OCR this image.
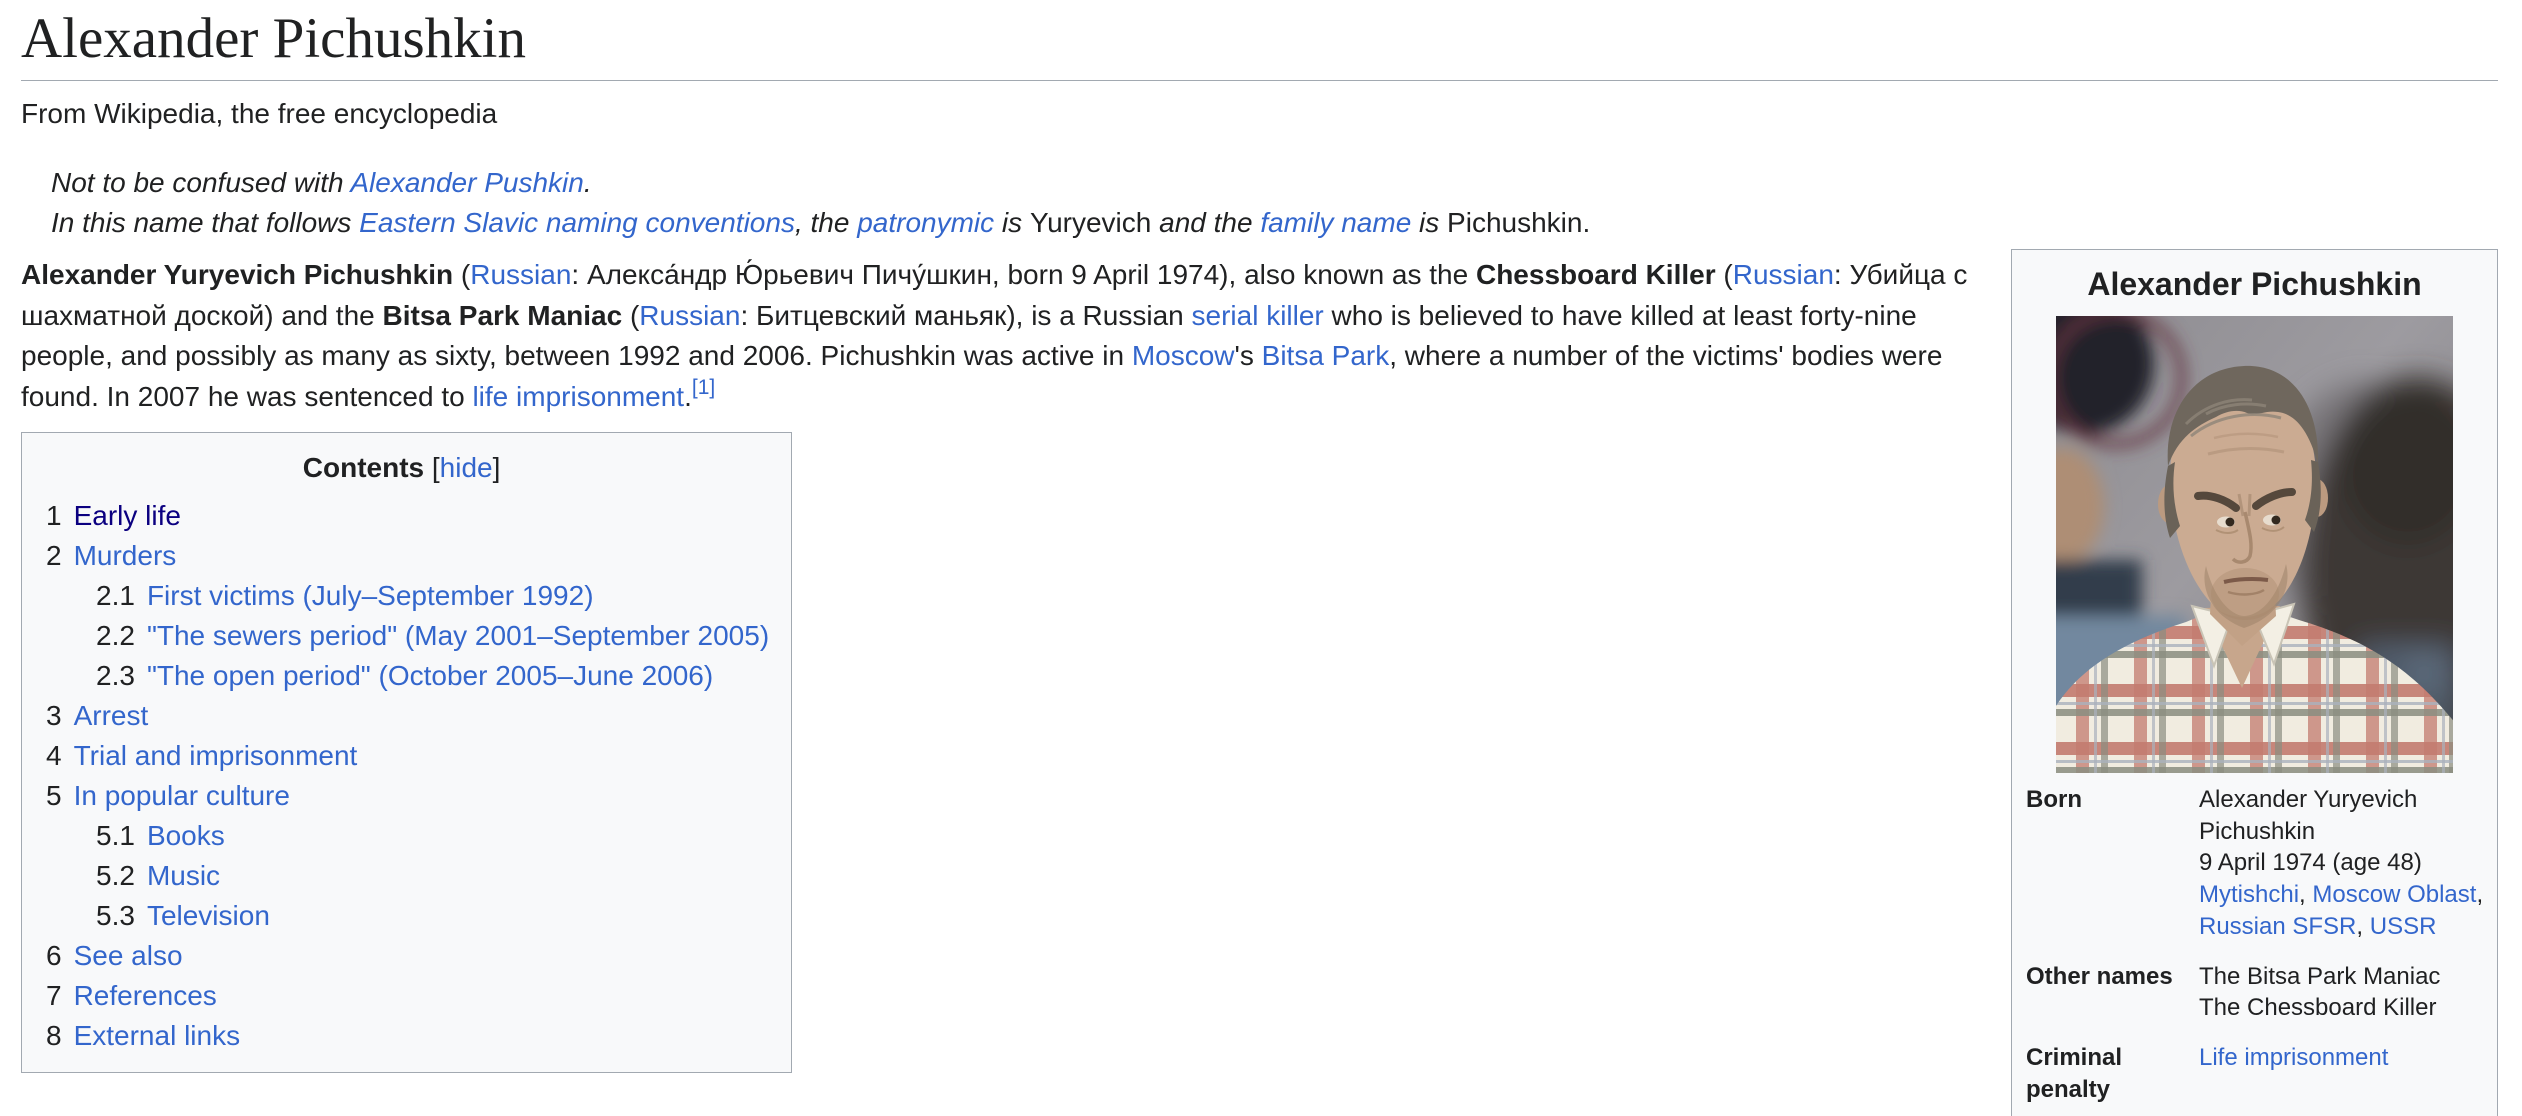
Alexander Pichushkin
From Wikipedia, the free encyclopedia
Not to be confused with Alexander Pushkin.
In this name that follows Eastern Slavic naming conventions, the patronymic is Yuryevich and the family name is Pichushkin.
Alexander Pichushkin
Born	Alexander Yuryevich Pichushkin
9 April 1974 (age 48)
Mytishchi, Moscow Oblast, Russian SFSR, USSR
Other names	The Bitsa Park Maniac
The Chessboard Killer
Criminal penalty
Life imprisonment

Alexander Yuryevich Pichushkin (Russian: Алекса́ндр Ю́рьевич Пичу́шкин, born 9 April 1974), also known as the Chessboard Killer (Russian: Убийца с шахматной доской) and the Bitsa Park Maniac (Russian: Битцевский маньяк), is a Russian serial killer who is believed to have killed at least forty-nine people, and possibly as many as sixty, between 1992 and 2006. Pichushkin was active in Moscow's Bitsa Park, where a number of the victims' bodies were found. In 2007 he was sentenced to life imprisonment.[1]

Contents [hide]
1 Early life
2 Murders
2.1 First victims (July–September 1992)
2.2 "The sewers period" (May 2001–September 2005)
2.3 "The open period" (October 2005–June 2006)
3 Arrest
4 Trial and imprisonment
5 In popular culture
5.1 Books
5.2 Music
5.3 Television
6 See also
7 References
8 External links
